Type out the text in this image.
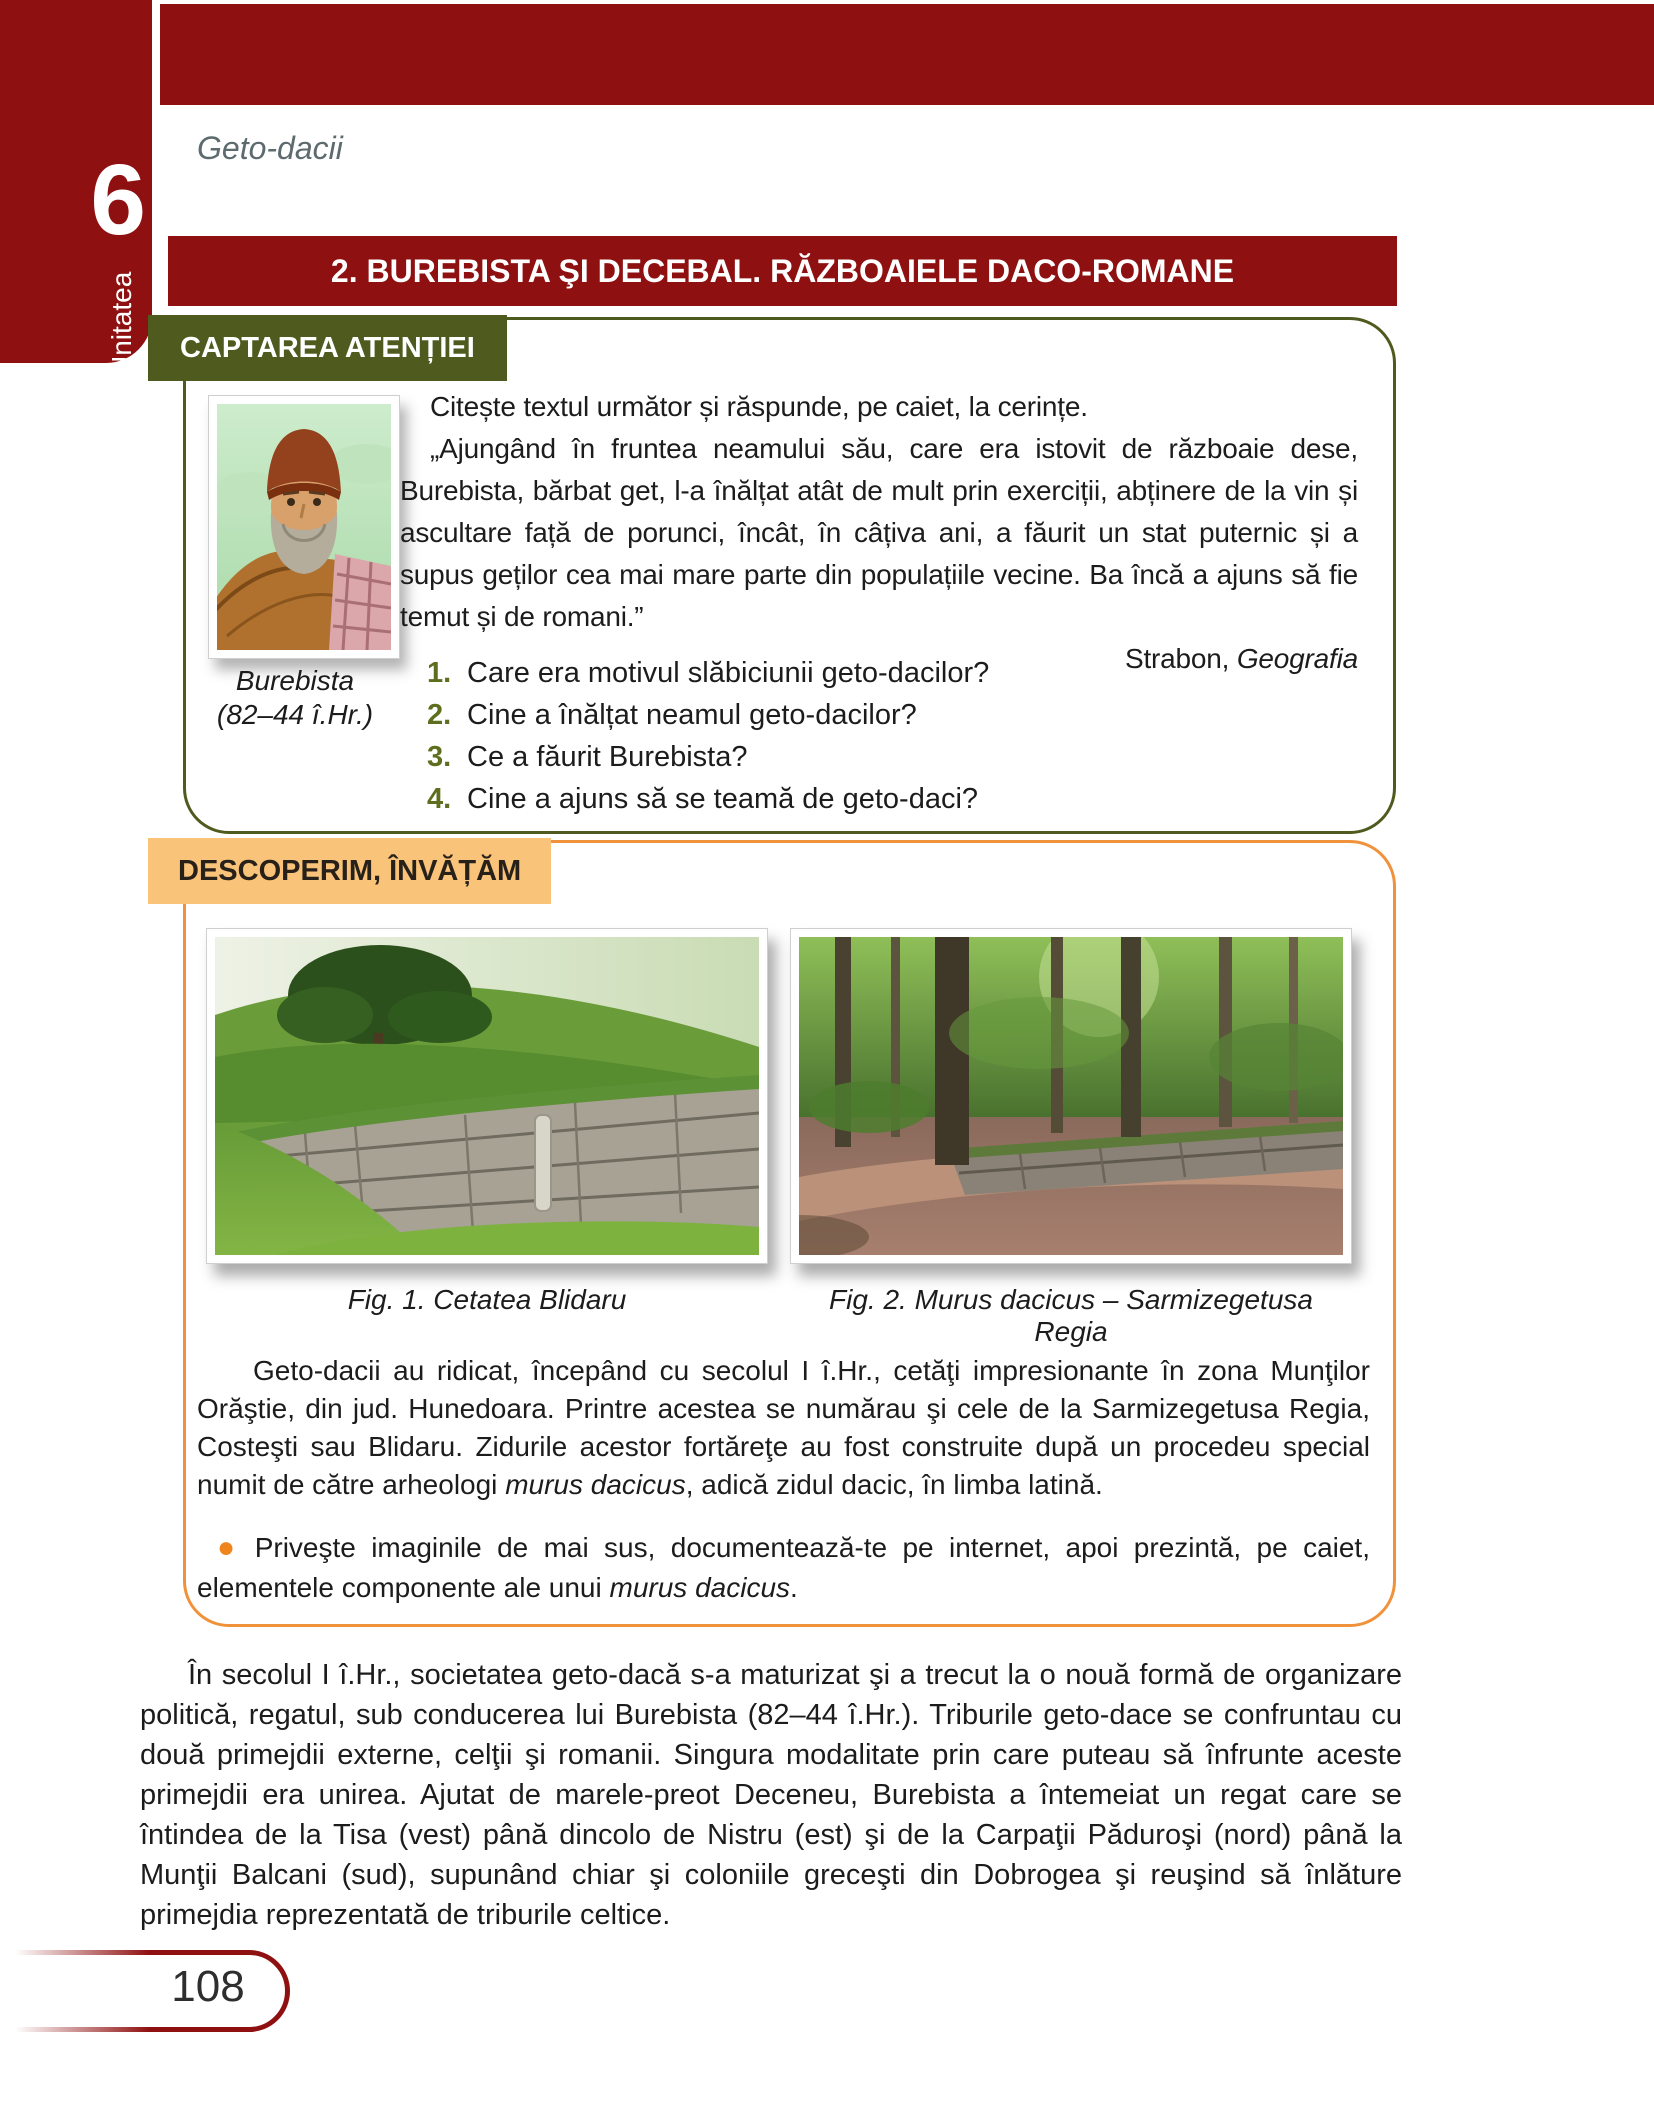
6
Unitatea
Geto-dacii
2. BUREBISTA ŞI DECEBAL. RĂZBOAIELE DACO-ROMANE
CAPTAREA ATENȚIEI
Burebista
(82–44 î.Hr.)

Citește textul următor și răspunde, pe caiet, la cerințe.

„Ajungând în fruntea neamului său, care era istovit de războaie dese, Burebista, bărbat get, l-a înălțat atât de mult prin exerciții, abținere de la vin și ascultare față de porunci, încât, în câțiva ani, a făurit un stat puternic și a supus geților cea mai mare parte din populațiile vecine. Ba încă a ajuns să fie temut și de romani.”

Strabon, Geografia

1. Care era motivul slăbiciunii geto-dacilor?
2. Cine a înălțat neamul geto-dacilor?
3. Ce a făurit Burebista?
4. Cine a ajuns să se teamă de geto-daci?
DESCOPERIM, ÎNVĂȚĂM
Fig. 1. Cetatea Blidaru	Fig. 2. Murus dacicus – Sarmizegetusa Regia

Geto-dacii au ridicat, începând cu secolul I î.Hr., cetăţi impresionante în zona Munţilor Orăştie, din jud. Hunedoara. Printre acestea se numărau şi cele de la Sarmizegetusa Regia, Costeşti sau Blidaru. Zidurile acestor fortăreţe au fost construite după un procedeu special numit de către arheologi murus dacicus, adică zidul dacic, în limba latină.

● Priveşte imaginile de mai sus, documentează-te pe internet, apoi prezintă, pe caiet, elementele componente ale unui murus dacicus.

În secolul I î.Hr., societatea geto-dacă s-a maturizat şi a trecut la o nouă formă de organizare politică, regatul, sub conducerea lui Burebista (82–44 î.Hr.). Triburile geto-dace se confruntau cu două primejdii externe, celţii şi romanii. Singura modalitate prin care puteau să înfrunte aceste primejdii era unirea. Ajutat de marele-preot Deceneu, Burebista a întemeiat un regat care se întindea de la Tisa (vest) până dincolo de Nistru (est) şi de la Carpaţii Păduroşi (nord) până la Munţii Balcani (sud), supunând chiar şi coloniile greceşti din Dobrogea şi reuşind să înlăture primejdia reprezentată de triburile celtice.

108
